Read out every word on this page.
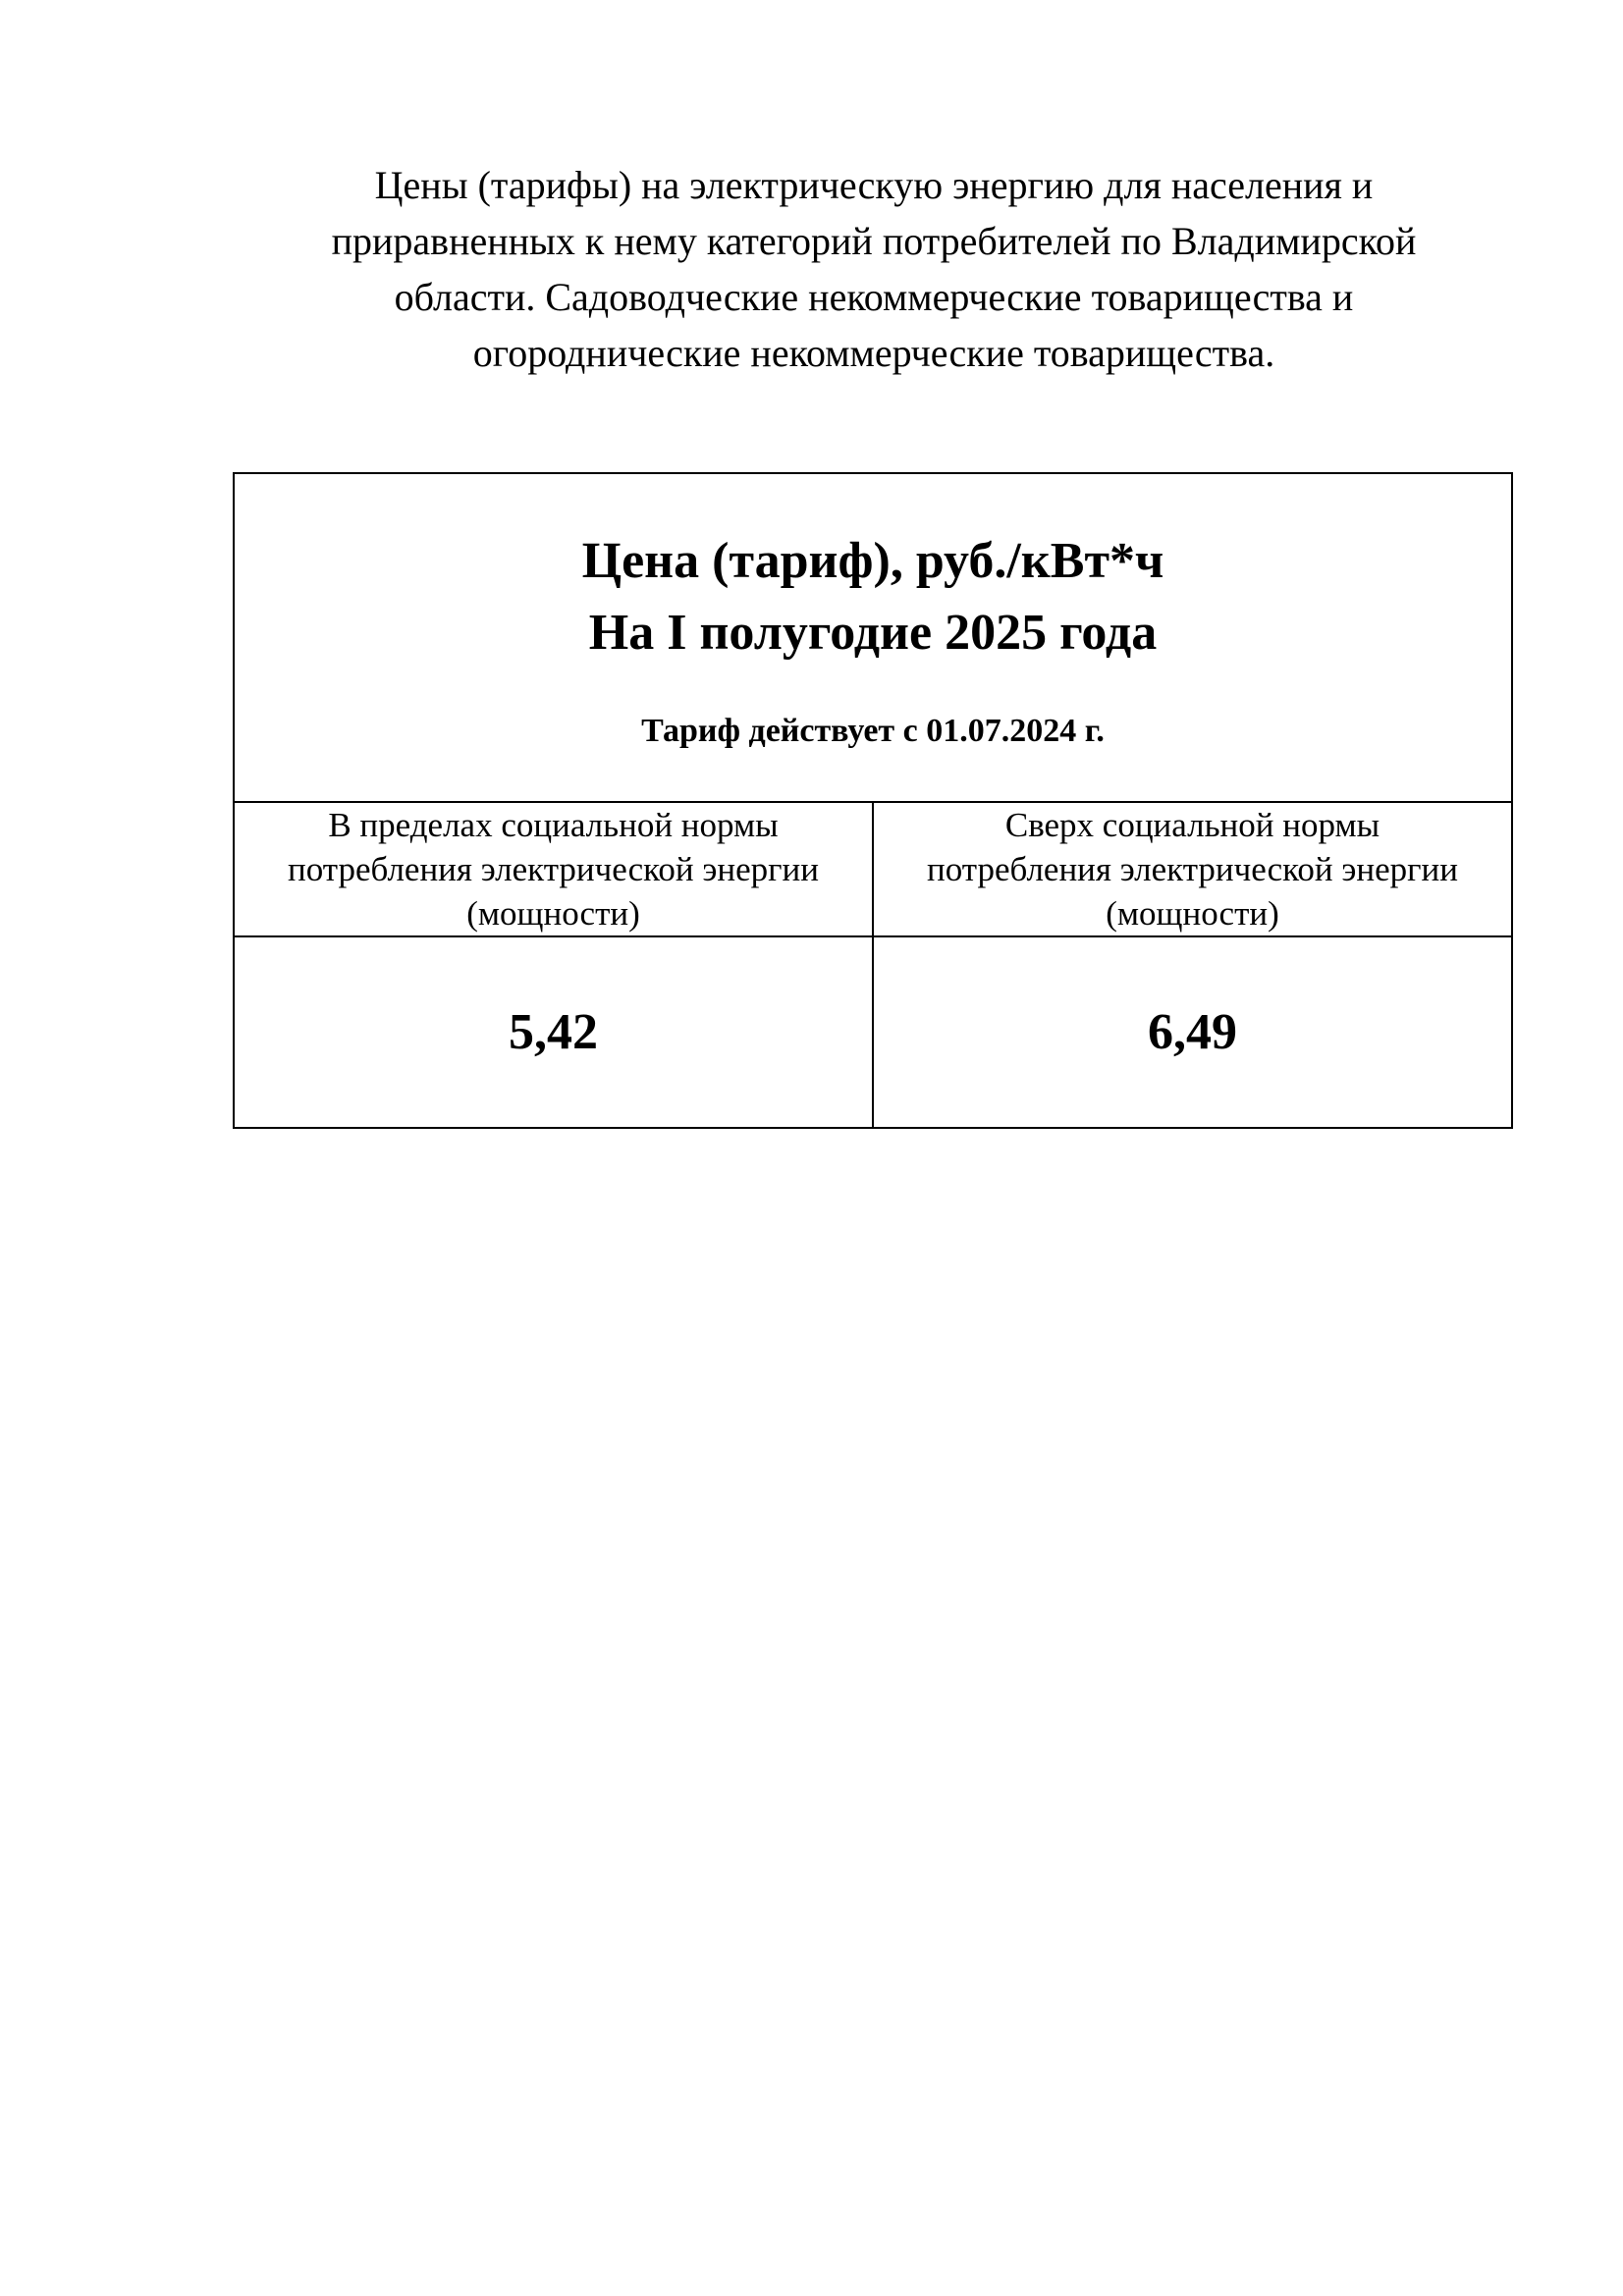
Цены (тарифы) на электрическую энергию для населения и
приравненных к нему категорий потребителей по Владимирской
области. Садоводческие некоммерческие товарищества и
огороднические некоммерческие товарищества.
Цена (тариф), руб./кВт*ч
На I полугодие 2025 года
Тариф действует с 01.07.2024 г.	

В пределах социальной нормы
потребления электрической энергии
(мощности)	Сверх социальной нормы
потребления электрической энергии
(мощности)

5,42	6,49
